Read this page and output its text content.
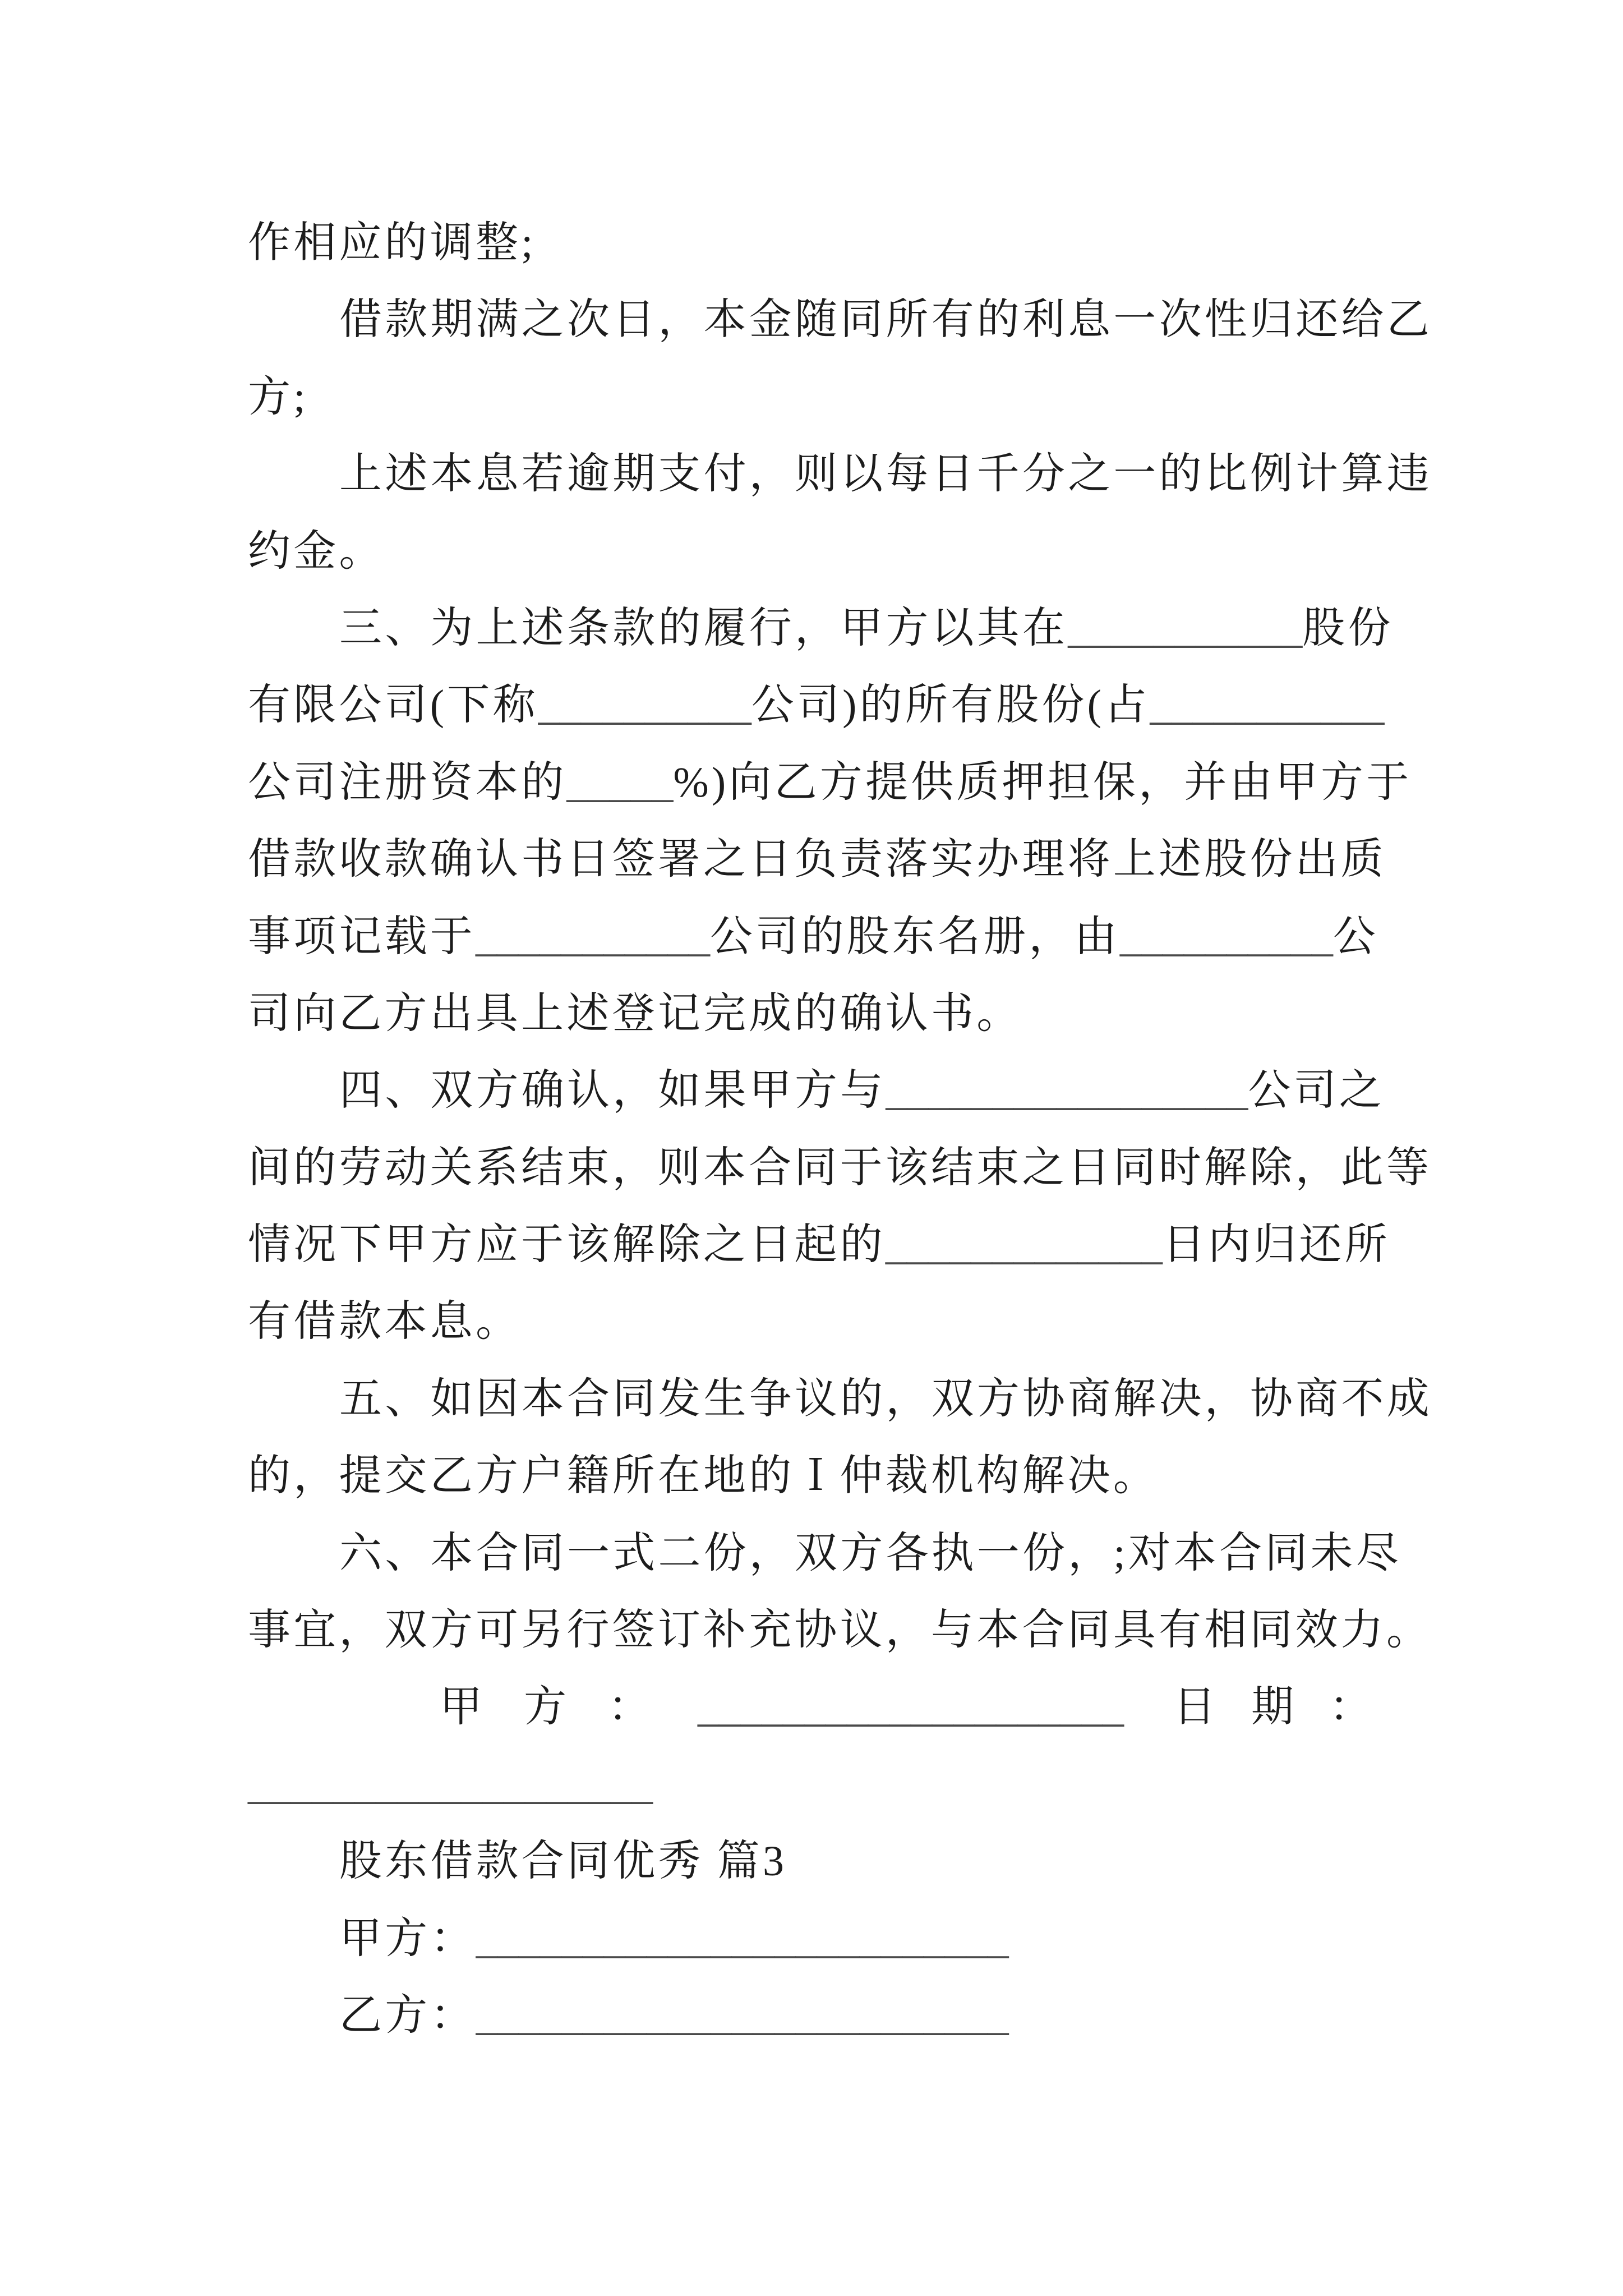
作相应的调整;
借款期满之次日，本金随同所有的利息一次性归还给乙
方;
上述本息若逾期支付，则以每日千分之一的比例计算违
约金。
三、为上述条款的履行，甲方以其在___________股份
有限公司(下称__________公司)的所有股份(占___________
公司注册资本的_____%)向乙方提供质押担保，并由甲方于
借款收款确认书日签署之日负责落实办理将上述股份出质
事项记载于___________公司的股东名册，由__________公
司向乙方出具上述登记完成的确认书。
四、双方确认，如果甲方与_________________公司之
间的劳动关系结束，则本合同于该结束之日同时解除，此等
情况下甲方应于该解除之日起的_____________日内归还所
有借款本息。
五、如因本合同发生争议的，双方协商解决，协商不成
的，提交乙方户籍所在地的Ｉ仲裁机构解决。
六、本合同一式二份，双方各执一份，;对本合同未尽
事宜，双方可另行签订补充协议，与本合同具有相同效力。
甲方： ____________________ 日期：
___________________
股东借款合同优秀 篇3
甲方：_________________________
乙方：_________________________
